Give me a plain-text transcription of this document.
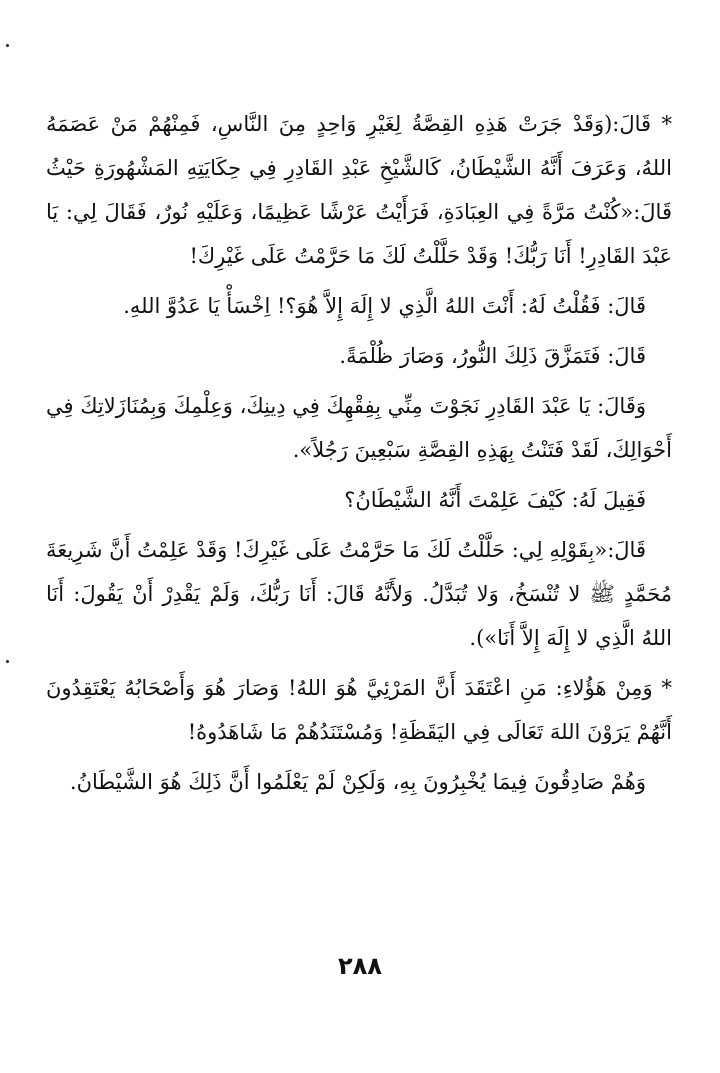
* قَالَ:(وَقَدْ جَرَتْ هَذِهِ القِصَّةُ لِغَيْرِ وَاحِدٍ مِنَ النَّاسِ، فَمِنْهُمْ مَنْ عَصَمَهُ اللهُ، وَعَرَفَ أَنَّهُ الشَّيْطَانُ، كَالشَّيْخِ عَبْدِ القَادِرِ فِي حِكَايَتِهِ المَشْهُورَةِ حَيْثُ قَالَ:«كُنْتُ مَرَّةً فِي العِبَادَةِ، فَرَأَيْتُ عَرْشًا عَظِيمًا، وَعَلَيْهِ نُورٌ، فَقَالَ لِي: يَا عَبْدَ القَادِرِ! أَنَا رَبُّكَ! وَقَدْ حَلَّلْتُ لَكَ مَا حَرَّمْتُ عَلَى غَيْرِكَ!

قَالَ: فَقُلْتُ لَهُ: أَنْتَ اللهُ الَّذِي لا إِلَهَ إِلاَّ هُوَ؟! اِخْسَأْ يَا عَدُوَّ اللهِ.

قَالَ: فَتَمَزَّقَ ذَلِكَ النُّورُ، وَصَارَ ظُلْمَةً.

وَقَالَ: يَا عَبْدَ القَادِرِ نَجَوْتَ مِنِّي بِفِقْهِكَ فِي دِينِكَ، وَعِلْمِكَ وَبِمُنَازَلاتِكَ فِي أَحْوَالِكَ، لَقَدْ فَتَنْتُ بِهَذِهِ القِصَّةِ سَبْعِينَ رَجُلاً».

فَقِيلَ لَهُ: كَيْفَ عَلِمْتَ أَنَّهُ الشَّيْطَانُ؟

قَالَ:«بِقَوْلِهِ لِي: حَلَّلْتُ لَكَ مَا حَرَّمْتُ عَلَى غَيْرِكَ! وَقَدْ عَلِمْتُ أَنَّ شَرِيعَةَ مُحَمَّدٍ ﷺ لا تُنْسَخُ، وَلا تُبَدَّلُ. وَلأَنَّهُ قَالَ: أَنَا رَبُّكَ، وَلَمْ يَقْدِرْ أَنْ يَقُولَ: أَنَا اللهُ الَّذِي لا إِلَهَ إِلاَّ أَنَا»).

* وَمِنْ هَؤُلاءِ: مَنِ اعْتَقَدَ أَنَّ المَرْئِيَّ هُوَ اللهُ! وَصَارَ هُوَ وَأَصْحَابُهُ يَعْتَقِدُونَ أَنَّهُمْ يَرَوْنَ اللهَ تَعَالَى فِي اليَقَظَةِ! وَمُسْتَنَدُهُمْ مَا شَاهَدُوهُ!

وَهُمْ صَادِقُونَ فِيمَا يُخْبِرُونَ بِهِ، وَلَكِنْ لَمْ يَعْلَمُوا أَنَّ ذَلِكَ هُوَ الشَّيْطَانُ.

٢٨٨
